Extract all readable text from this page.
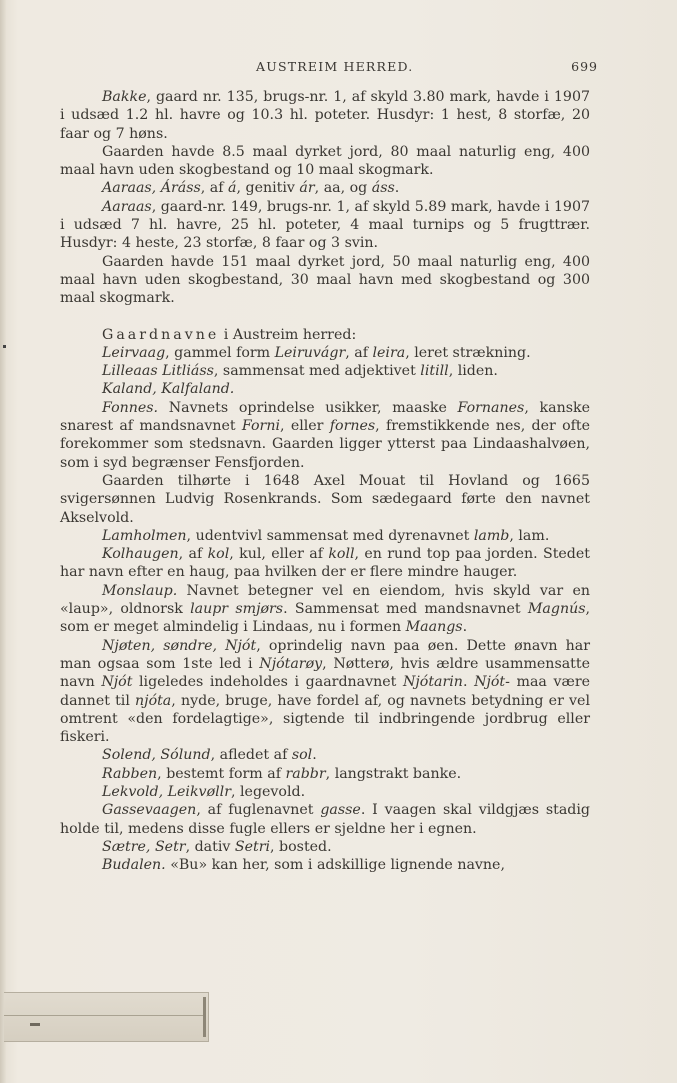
AUSTREIM HERRED.	699

Bakke, gaard nr. 135, brugs-nr. 1, af skyld 3.80 mark, havde i 1907 i udsæd 1.2 hl. havre og 10.3 hl. poteter. Husdyr: 1 hest, 8 storfæ, 20 faar og 7 høns.

Gaarden havde 8.5 maal dyrket jord, 80 maal naturlig eng, 400 maal havn uden skogbestand og 10 maal skogmark.

Aaraas, Áráss, af á, genitiv ár, aa, og áss.

Aaraas, gaard-nr. 149, brugs-nr. 1, af skyld 5.89 mark, havde i 1907 i udsæd 7 hl. havre, 25 hl. poteter, 4 maal turnips og 5 frugttrær. Husdyr: 4 heste, 23 storfæ, 8 faar og 3 svin.

Gaarden havde 151 maal dyrket jord, 50 maal naturlig eng, 400 maal havn uden skogbestand, 30 maal havn med skogbestand og 300 maal skogmark.

Gaardnavne i Austreim herred:

Leirvaag, gammel form Leiruvágr, af leira, leret strækning.

Lilleaas Litliáss, sammensat med adjektivet litill, liden.

Kaland, Kalfaland.

Fonnes. Navnets oprindelse usikker, maaske Fornanes, kanske snarest af mandsnavnet Forni, eller fornes, fremstikkende nes, der ofte forekommer som stedsnavn. Gaarden ligger ytterst paa Lindaashalvøen, som i syd begrænser Fensfjorden.

Gaarden tilhørte i 1648 Axel Mouat til Hovland og 1665 svigersønnen Ludvig Rosenkrands. Som sædegaard førte den navnet Akselvold.

Lamholmen, udentvivl sammensat med dyrenavnet lamb, lam.

Kolhaugen, af kol, kul, eller af koll, en rund top paa jorden. Stedet har navn efter en haug, paa hvilken der er flere mindre hauger.

Monslaup. Navnet betegner vel en eiendom, hvis skyld var en «laup», oldnorsk laupr smjørs. Sammensat med mandsnavnet Magnús, som er meget almindelig i Lindaas, nu i formen Maangs.

Njøten, søndre, Njót, oprindelig navn paa øen. Dette ønavn har man ogsaa som 1ste led i Njótarøy, Nøtterø, hvis ældre usammensatte navn Njót ligeledes indeholdes i gaardnavnet Njótarin. Njót- maa være dannet til njóta, nyde, bruge, have fordel af, og navnets betydning er vel omtrent «den fordelagtige», sigtende til indbringende jordbrug eller fiskeri.

Solend, Sólund, afledet af sol.

Rabben, bestemt form af rabbr, langstrakt banke.

Lekvold, Leikvøllr, legevold.

Gassevaagen, af fuglenavnet gasse. I vaagen skal vildgjæs stadig holde til, medens disse fugle ellers er sjeldne her i egnen.

Sætre, Setr, dativ Setri, bosted.

Budalen. «Bu» kan her, som i adskillige lignende navne,
